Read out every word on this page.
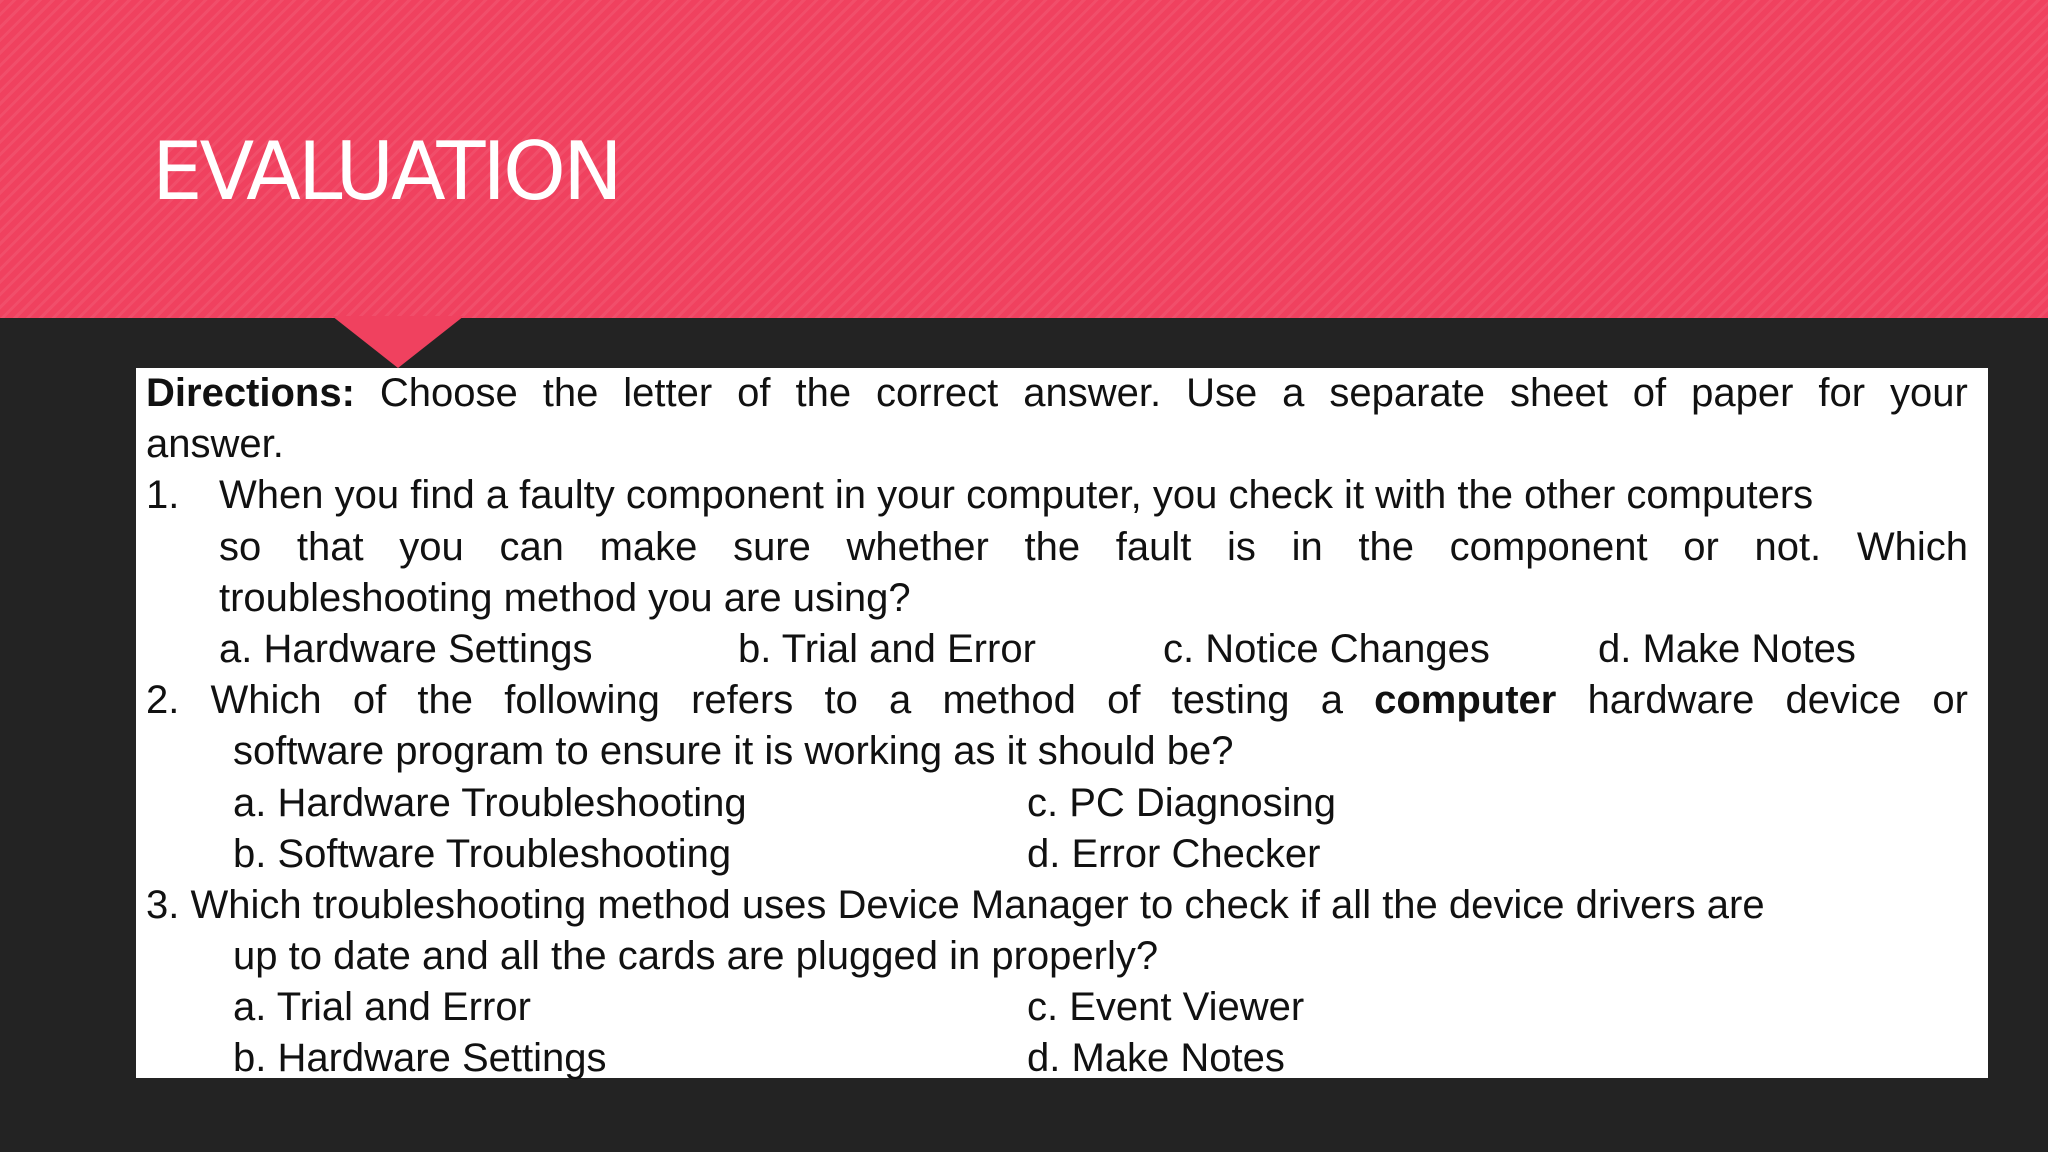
EVALUATION
Directions: Choose the letter of the correct answer. Use a separate sheet of paper for your
answer.
1. When you find a faulty component in your computer, you check it with the other computers
so that you can make sure whether the fault is in the component or not. Which
troubleshooting method you are using?
a. Hardware Settings	b. Trial and Error	c. Notice Changes	d. Make Notes
2. Which of the following refers to a method of testing a computer hardware device or
software program to ensure it is working as it should be?
a. Hardware Troubleshooting	c. PC Diagnosing
b. Software Troubleshooting	d. Error Checker
3. Which troubleshooting method uses Device Manager to check if all the device drivers are
up to date and all the cards are plugged in properly?
a. Trial and Error	c. Event Viewer
b. Hardware Settings	d. Make Notes
